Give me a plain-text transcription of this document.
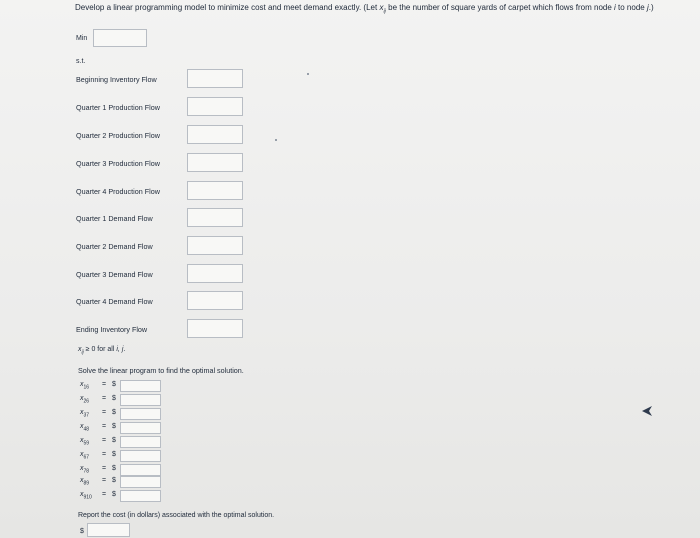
Develop a linear programming model to minimize cost and meet demand exactly. (Let $x_{ij}$ be the number of square yards of carpet which flows from node i to node j.)
Min
s.t.
Beginning Inventory Flow
Quarter 1 Production Flow
Quarter 2 Production Flow
Quarter 3 Production Flow
Quarter 4 Production Flow
Quarter 1 Demand Flow
Quarter 2 Demand Flow
Quarter 3 Demand Flow
Quarter 4 Demand Flow
Ending Inventory Flow
$x_{ij} \ge 0$ for all i, j.
Solve the linear program to find the optimal solution.
$x_{16}$	= $
$x_{26}$	= $
$x_{37}$	= $
$x_{48}$	= $
$x_{59}$	= $
$x_{67}$	= $
$x_{78}$	= $
$x_{89}$	= $
$x_{910}$	= $
Report the cost (in dollars) associated with the optimal solution.
$
